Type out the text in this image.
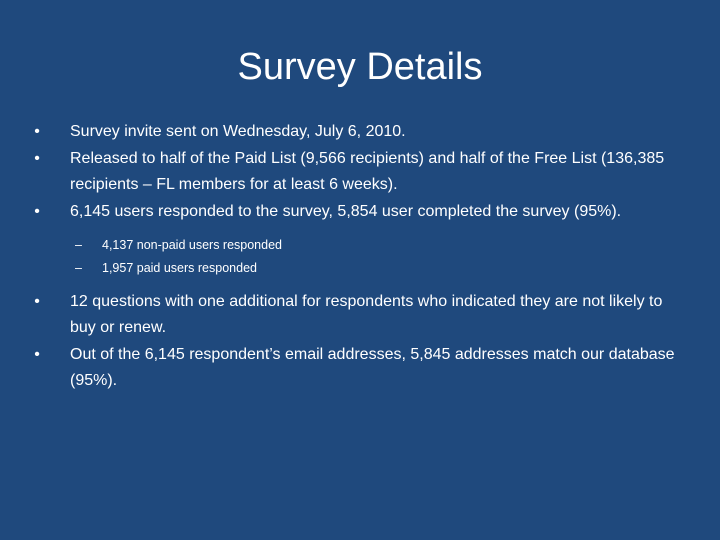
Survey Details
• Survey invite sent on Wednesday, July 6, 2010.
• Released to half of the Paid List (9,566 recipients) and half of the Free List (136,385 recipients – FL members for at least 6 weeks).
• 6,145 users responded to the survey, 5,854 user completed the survey (95%).
– 4,137 non-paid users responded
– 1,957 paid users responded
• 12 questions with one additional for respondents who indicated they are not likely to buy or renew.
• Out of the 6,145 respondent’s email addresses, 5,845 addresses match our database (95%).
